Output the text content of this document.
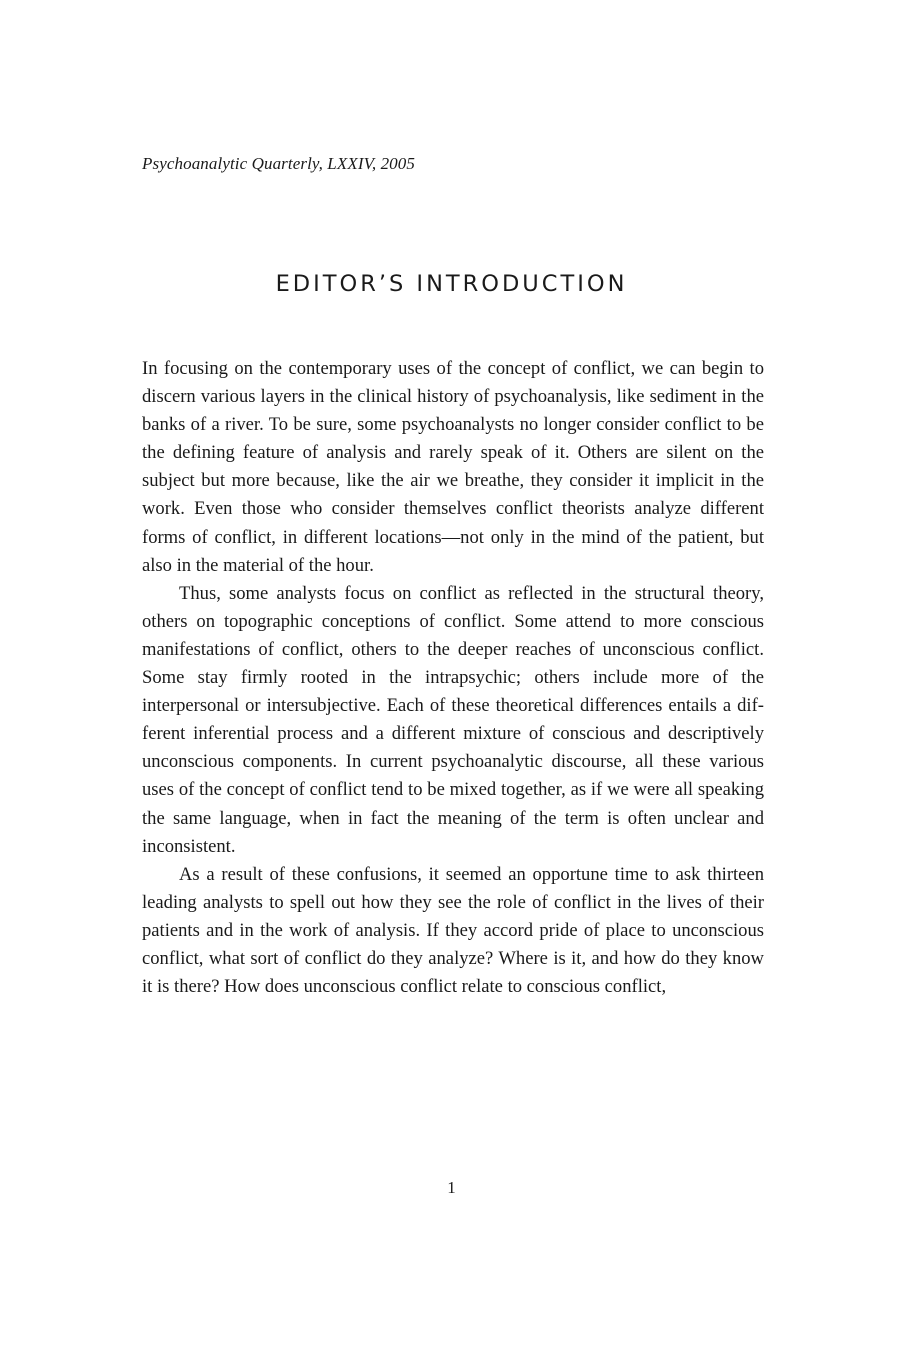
Psychoanalytic Quarterly, LXXIV, 2005
EDITOR’S INTRODUCTION

In focusing on the contemporary uses of the concept of conflict, we can begin to discern various layers in the clinical history of psychoanalysis, like sediment in the banks of a river. To be sure, some psychoanalysts no longer consider conflict to be the defining feature of analysis and rarely speak of it. Others are silent on the subject but more because, like the air we breathe, they consider it implicit in the work. Even those who consider themselves conflict theorists analyze different forms of conflict, in different locations—not only in the mind of the patient, but also in the material of the hour.

Thus, some analysts focus on conflict as reflected in the structural theory, others on topographic conceptions of conflict. Some attend to more conscious manifestations of conflict, others to the deeper reaches of unconscious conflict. Some stay firmly rooted in the intrapsychic; others include more of the interpersonal or intersubjective. Each of these theoretical differences entails a different inferential process and a different mixture of conscious and descriptively unconscious components. In current psychoanalytic discourse, all these various uses of the concept of conflict tend to be mixed together, as if we were all speaking the same language, when in fact the meaning of the term is often unclear and inconsistent.

As a result of these confusions, it seemed an opportune time to ask thirteen leading analysts to spell out how they see the role of conflict in the lives of their patients and in the work of analysis. If they accord pride of place to unconscious conflict, what sort of conflict do they analyze? Where is it, and how do they know it is there? How does unconscious conflict relate to conscious conflict,

1
